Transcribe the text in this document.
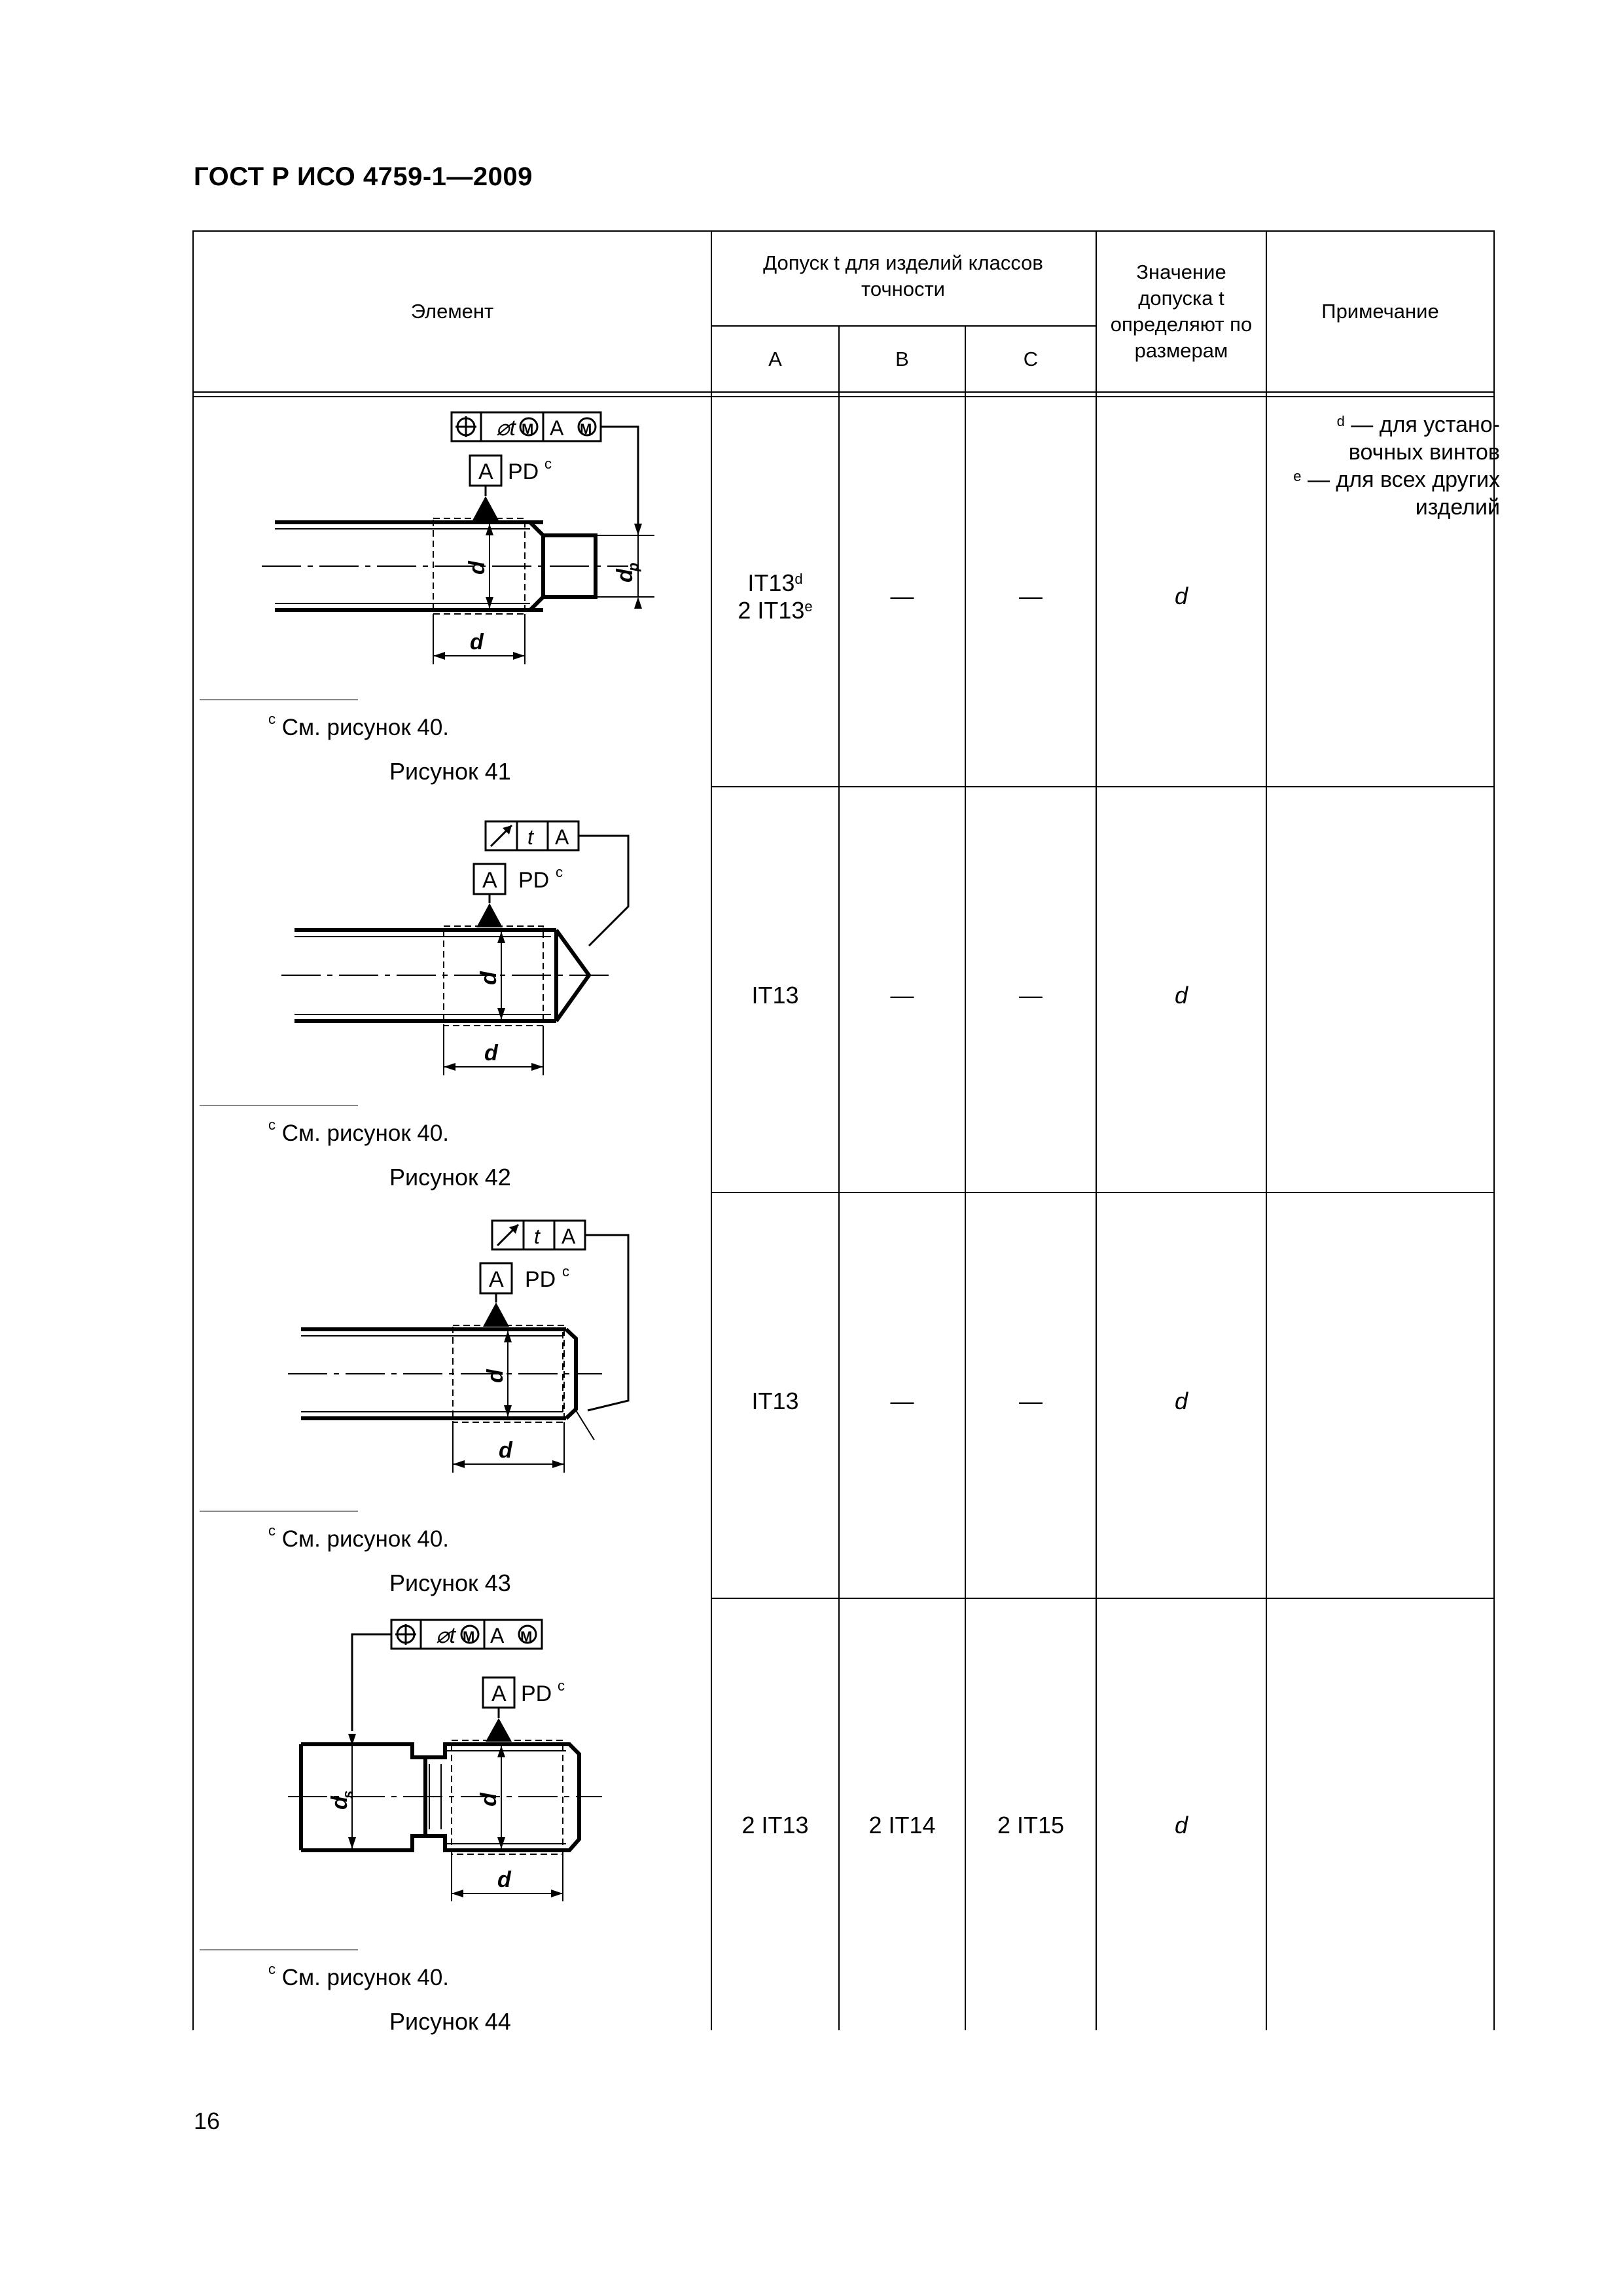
ГОСТ Р ИСО 4759-1—2009
Элемент
Допуск t для изделий классов точности
A	B	C
Значение допуска t определяют по размерам
Примечание
⌀t M A M
A PD c
d
d
d
p
$^c$ См. рисунок 40.
Рисунок 41
IT13$^d$
2 IT13e	—	—	d
$^d$ — для устано-вочных винтов
$^e$ — для всех других изделий
t A
A PD c
d
d
$^c$ См. рисунок 40.
Рисунок 42
IT13	—	—	d
t A
A PD c
d
d
$^c$ См. рисунок 40.
Рисунок 43
IT13	—	—	d
⌀t M A M
A PD c
d
s	d
d
$^c$ См. рисунок 40.
Рисунок 44
2 IT13	2 IT14	2 IT15	d
16
